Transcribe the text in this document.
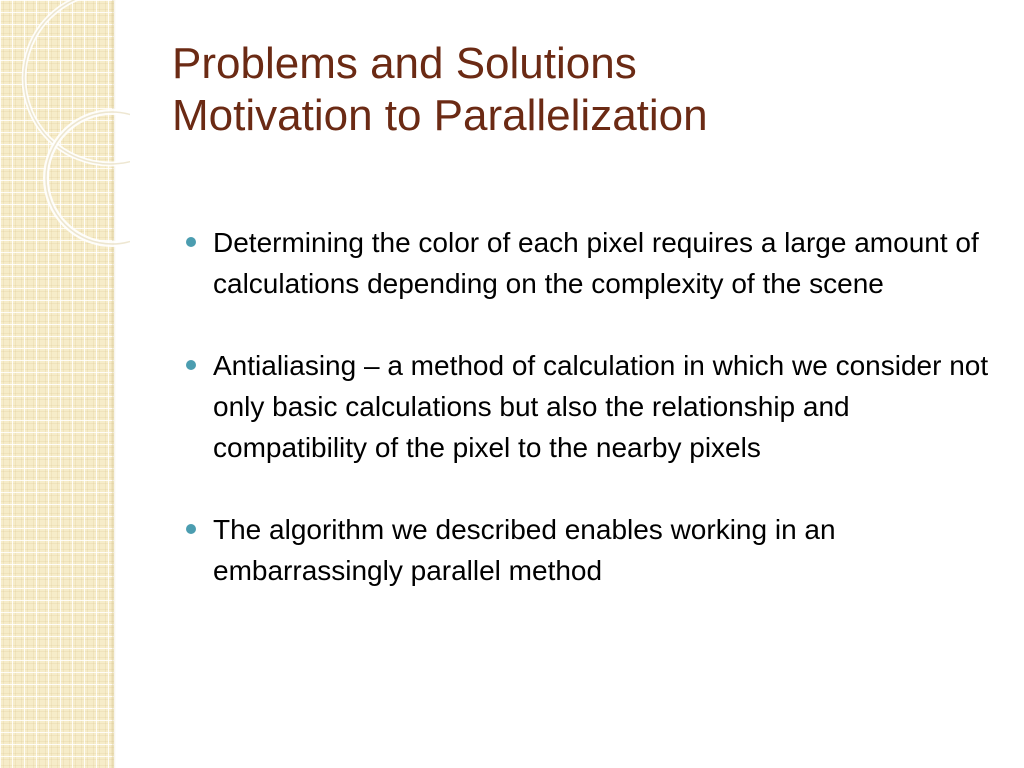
Problems and Solutions
Motivation to Parallelization
Determining the color of each pixel requires a large amount of calculations depending on the complexity of the scene
Antialiasing – a method of calculation in which we consider not only basic calculations but also the relationship and compatibility of the pixel to the nearby pixels
The algorithm we described enables working in an embarrassingly parallel method
